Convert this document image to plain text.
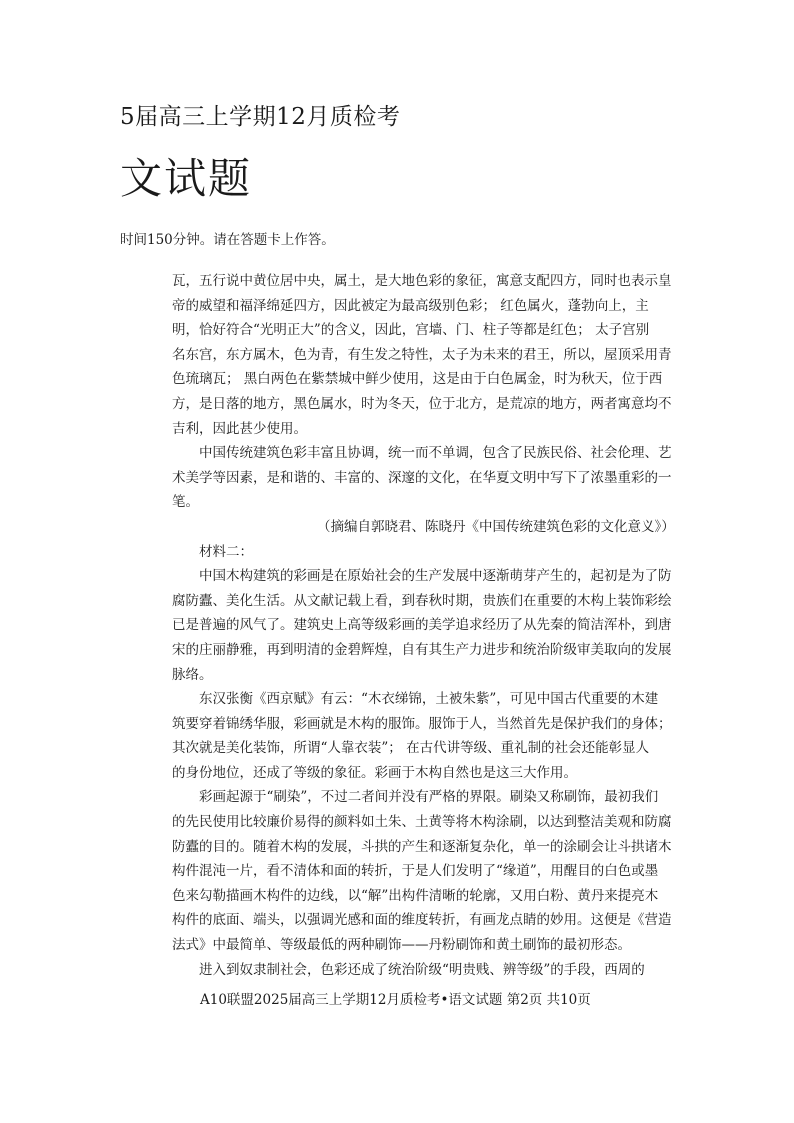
5届高三上学期12月质检考
文试题
时间150分钟。请在答题卡上作答。
瓦，五行说中黄位居中央，属土，是大地色彩的象征，寓意支配四方，同时也表示皇
帝的威望和福泽绵延四方，因此被定为最高级别色彩； 红色属火，蓬勃向上，主
明，恰好符合“光明正大”的含义，因此，宫墙、门、柱子等都是红色； 太子宫别
名东宫，东方属木，色为青，有生发之特性，太子为未来的君王，所以，屋顶采用青
色琉璃瓦； 黑白两色在紫禁城中鲜少使用，这是由于白色属金，时为秋天，位于西
方，是日落的地方，黑色属水，时为冬天，位于北方，是荒凉的地方，两者寓意均不
吉利，因此甚少使用。
中国传统建筑色彩丰富且协调，统一而不单调，包含了民族民俗、社会伦理、艺
术美学等因素，是和谐的、丰富的、深邃的文化，在华夏文明中写下了浓墨重彩的一
笔。
（摘编自郭晓君、陈晓丹《中国传统建筑色彩的文化意义》）
材料二：
中国木构建筑的彩画是在原始社会的生产发展中逐渐萌芽产生的，起初是为了防
腐防蠹、美化生活。从文献记载上看，到春秋时期，贵族们在重要的木构上装饰彩绘
已是普遍的风气了。建筑史上高等级彩画的美学追求经历了从先秦的简洁浑朴，到唐
宋的庄丽静雅，再到明清的金碧辉煌，自有其生产力进步和统治阶级审美取向的发展
脉络。
东汉张衡《西京赋》有云：“木衣绨锦，土被朱紫”，可见中国古代重要的木建
筑要穿着锦绣华服，彩画就是木构的服饰。服饰于人，当然首先是保护我们的身体；
其次就是美化装饰，所谓“人靠衣装”； 在古代讲等级、重礼制的社会还能彰显人
的身份地位，还成了等级的象征。彩画于木构自然也是这三大作用。
彩画起源于“刷染”，不过二者间并没有严格的界限。刷染又称刷饰，最初我们
的先民使用比较廉价易得的颜料如土朱、土黄等将木构涂刷，以达到整洁美观和防腐
防蠹的目的。随着木构的发展，斗拱的产生和逐渐复杂化，单一的涂刷会让斗拱诸木
构件混沌一片，看不清体和面的转折，于是人们发明了“缘道”，用醒目的白色或墨
色来勾勒描画木构件的边线，以“解”出构件清晰的轮廓，又用白粉、黄丹来提亮木
构件的底面、端头，以强调光感和面的维度转折，有画龙点睛的妙用。这便是《营造
法式》中最简单、等级最低的两种刷饰——丹粉刷饰和黄土刷饰的最初形态。
进入到奴隶制社会，色彩还成了统治阶级“明贵贱、辨等级”的手段，西周的
A10联盟2025届高三上学期12月质检考•语文试题 第2页 共10页
